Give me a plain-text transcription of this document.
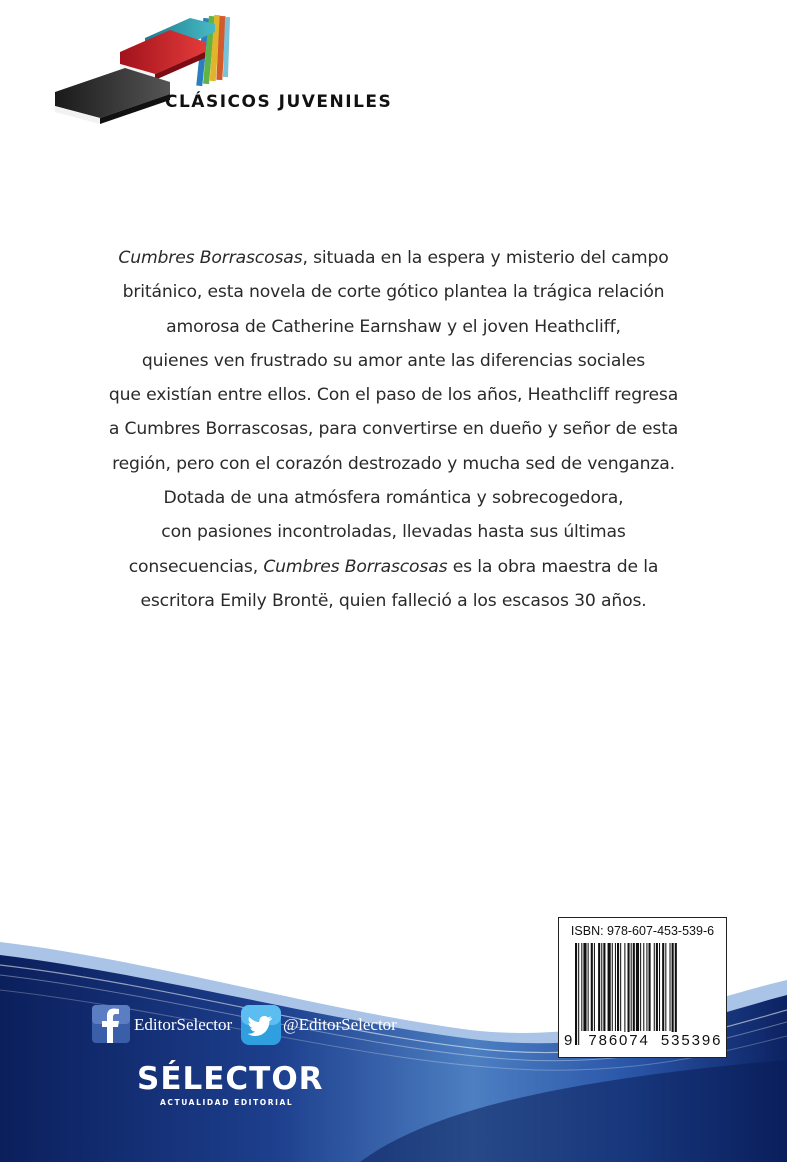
CLÁSICOS JUVENILES
Cumbres Borrascosas, situada en la espera y misterio del campo
británico, esta novela de corte gótico plantea la trágica relación
amorosa de Catherine Earnshaw y el joven Heathcliff,
quienes ven frustrado su amor ante las diferencias sociales
que existían entre ellos. Con el paso de los años, Heathcliff regresa
a Cumbres Borrascosas, para convertirse en dueño y señor de esta
región, pero con el corazón destrozado y mucha sed de venganza.
Dotada de una atmósfera romántica y sobrecogedora,
con pasiones incontroladas, llevadas hasta sus últimas
consecuencias, Cumbres Borrascosas es la obra maestra de la
escritora Emily Brontë, quien falleció a los escasos 30 años.
ISBN: 978-607-453-539-6
9 786074 535396
EditorSelector	@EditorSelector
SÉLECTOR
ACTUALIDAD EDITORIAL
